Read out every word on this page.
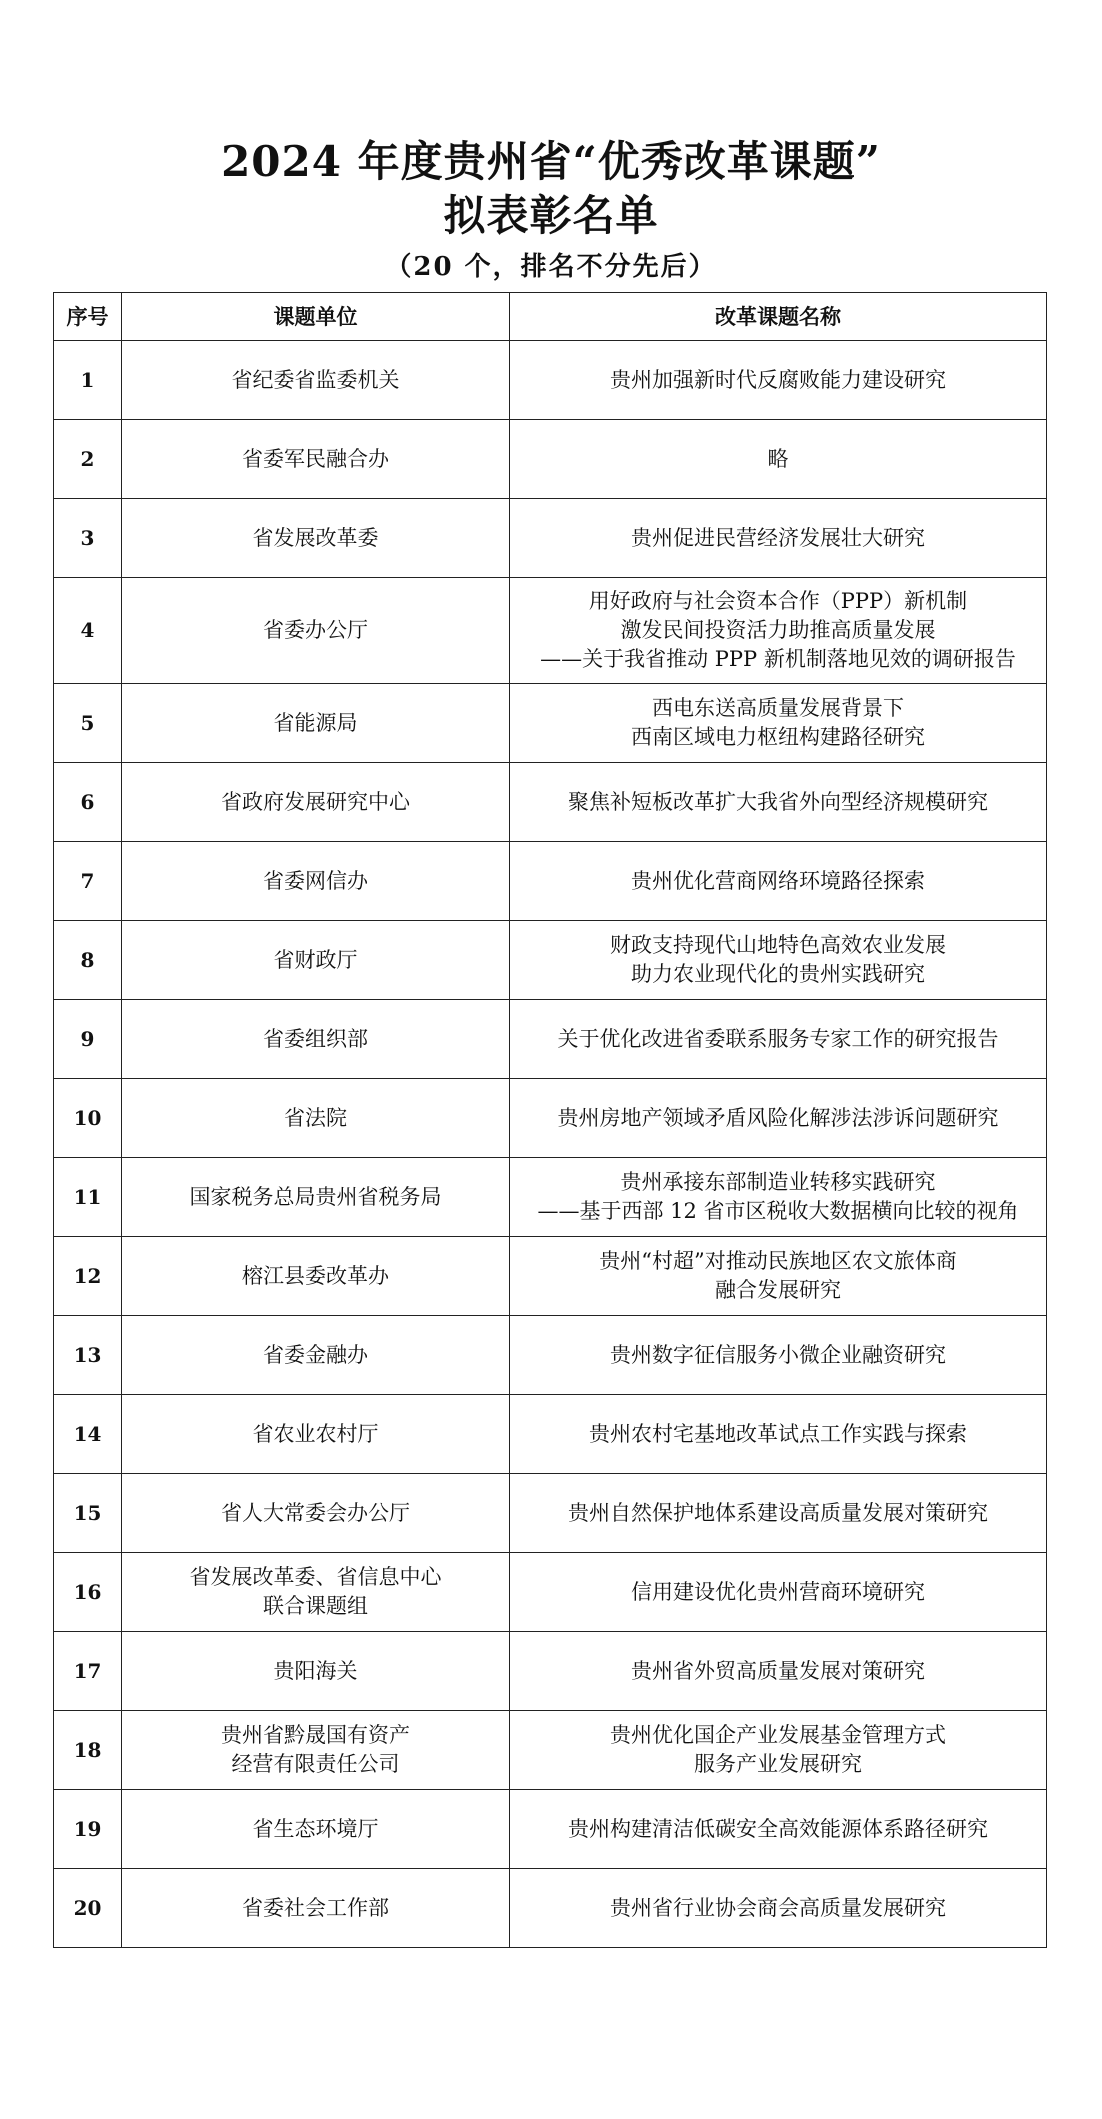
2024 年度贵州省“优秀改革课题”
拟表彰名单
（20 个，排名不分先后）
序号	课题单位	改革课题名称
1	省纪委省监委机关	贵州加强新时代反腐败能力建设研究

2	省委军民融合办	略

3	省发展改革委	贵州促进民营经济发展壮大研究

4	省委办公厅	用好政府与社会资本合作（PPP）新机制
激发民间投资活力助推高质量发展
——关于我省推动 PPP 新机制落地见效的调研报告

5	省能源局	西电东送高质量发展背景下
西南区域电力枢纽构建路径研究

6	省政府发展研究中心	聚焦补短板改革扩大我省外向型经济规模研究

7	省委网信办	贵州优化营商网络环境路径探索

8	省财政厅	财政支持现代山地特色高效农业发展
助力农业现代化的贵州实践研究

9	省委组织部	关于优化改进省委联系服务专家工作的研究报告

10	省法院	贵州房地产领域矛盾风险化解涉法涉诉问题研究

11	国家税务总局贵州省税务局	贵州承接东部制造业转移实践研究
——基于西部 12 省市区税收大数据横向比较的视角

12	榕江县委改革办	贵州“村超”对推动民族地区农文旅体商
融合发展研究

13	省委金融办	贵州数字征信服务小微企业融资研究

14	省农业农村厅	贵州农村宅基地改革试点工作实践与探索

15	省人大常委会办公厅	贵州自然保护地体系建设高质量发展对策研究

16	省发展改革委、省信息中心
联合课题组	信用建设优化贵州营商环境研究

17	贵阳海关	贵州省外贸高质量发展对策研究

18	贵州省黔晟国有资产
经营有限责任公司	贵州优化国企产业发展基金管理方式
服务产业发展研究

19	省生态环境厅	贵州构建清洁低碳安全高效能源体系路径研究

20	省委社会工作部	贵州省行业协会商会高质量发展研究
